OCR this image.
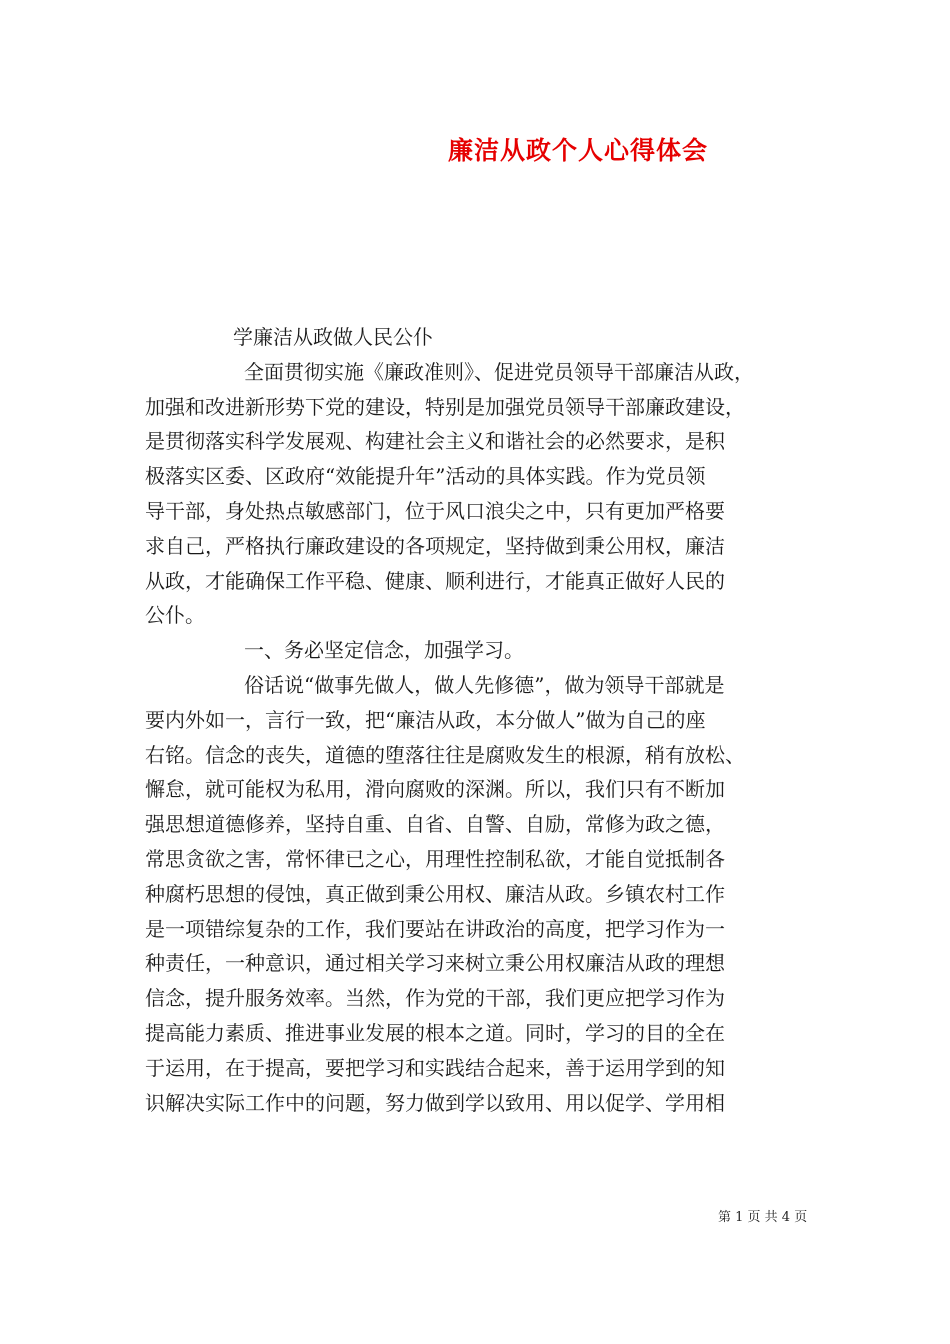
廉洁从政个人心得体会
学廉洁从政做人民公仆
全面贯彻实施《廉政准则》、促进党员领导干部廉洁从政，
加强和改进新形势下党的建设，特别是加强党员领导干部廉政建设，
是贯彻落实科学发展观、构建社会主义和谐社会的必然要求，是积
极落实区委、区政府“效能提升年”活动的具体实践。作为党员领
导干部，身处热点敏感部门，位于风口浪尖之中，只有更加严格要
求自己，严格执行廉政建设的各项规定，坚持做到秉公用权，廉洁
从政，才能确保工作平稳、健康、顺利进行，才能真正做好人民的
公仆。
一、务必坚定信念，加强学习。
俗话说“做事先做人，做人先修德”，做为领导干部就是
要内外如一，言行一致，把“廉洁从政，本分做人”做为自己的座
右铭。信念的丧失，道德的堕落往往是腐败发生的根源，稍有放松、
懈怠，就可能权为私用，滑向腐败的深渊。所以，我们只有不断加
强思想道德修养，坚持自重、自省、自警、自励，常修为政之德，
常思贪欲之害，常怀律已之心，用理性控制私欲，才能自觉抵制各
种腐朽思想的侵蚀，真正做到秉公用权、廉洁从政。乡镇农村工作
是一项错综复杂的工作，我们要站在讲政治的高度，把学习作为一
种责任，一种意识，通过相关学习来树立秉公用权廉洁从政的理想
信念，提升服务效率。当然，作为党的干部，我们更应把学习作为
提高能力素质、推进事业发展的根本之道。同时，学习的目的全在
于运用，在于提高，要把学习和实践结合起来，善于运用学到的知
识解决实际工作中的问题，努力做到学以致用、用以促学、学用相
第 1 页 共 4 页
